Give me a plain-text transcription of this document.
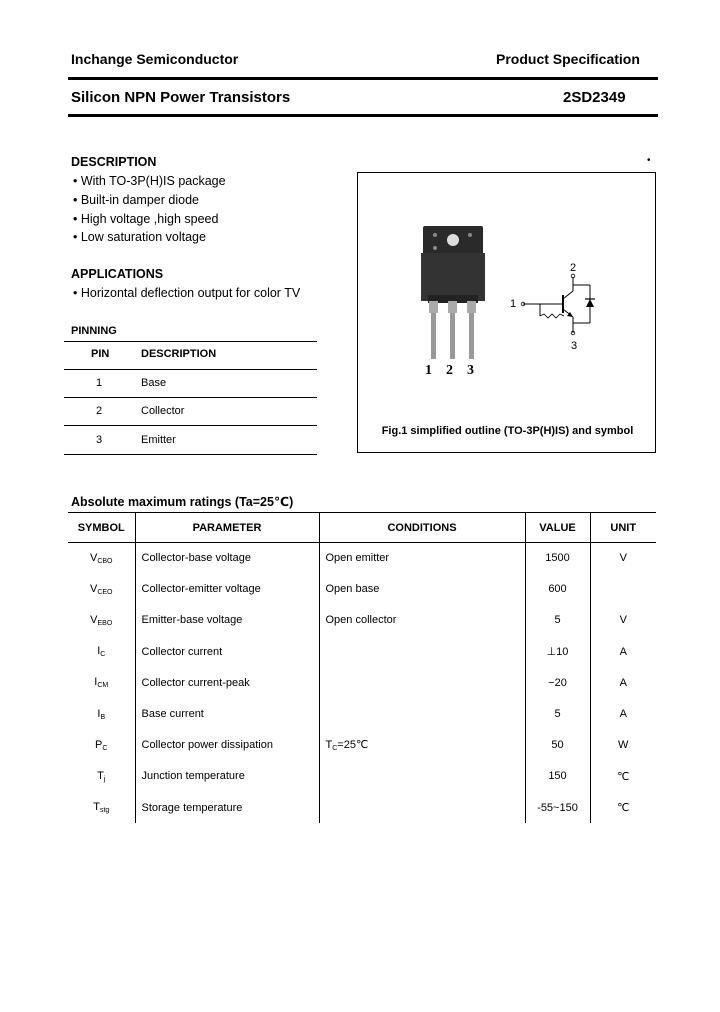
Inchange Semiconductor	Product Specification
Silicon NPN Power Transistors	2SD2349
DESCRIPTION
• With TO-3P(H)IS package
• Built-in damper diode
• High voltage ,high speed
• Low saturation voltage
•
APPLICATIONS
• Horizontal deflection output for color TV
PINNING
PIN	DESCRIPTION
1	Base
2	Collector
3	Emitter
1 2 3
1
2
3
Fig.1 simplified outline (TO-3P(H)IS) and symbol
Absolute maximum ratings (Ta=25℃)
SYMBOL	PARAMETER	CONDITIONS	VALUE	UNIT
VCBO	Collector-base voltage	Open emitter	1500	V
VCEO	Collector-emitter voltage	Open base	600	
VEBO	Emitter-base voltage	Open collector	5	V
IC	Collector current		⊥10	A
ICM	Collector current-peak		−20	A
IB	Base current		5	A
PC	Collector power dissipation	TC=25℃	50	W
Tj	Junction temperature		150	℃
Tstg	Storage temperature		-55~150	℃
